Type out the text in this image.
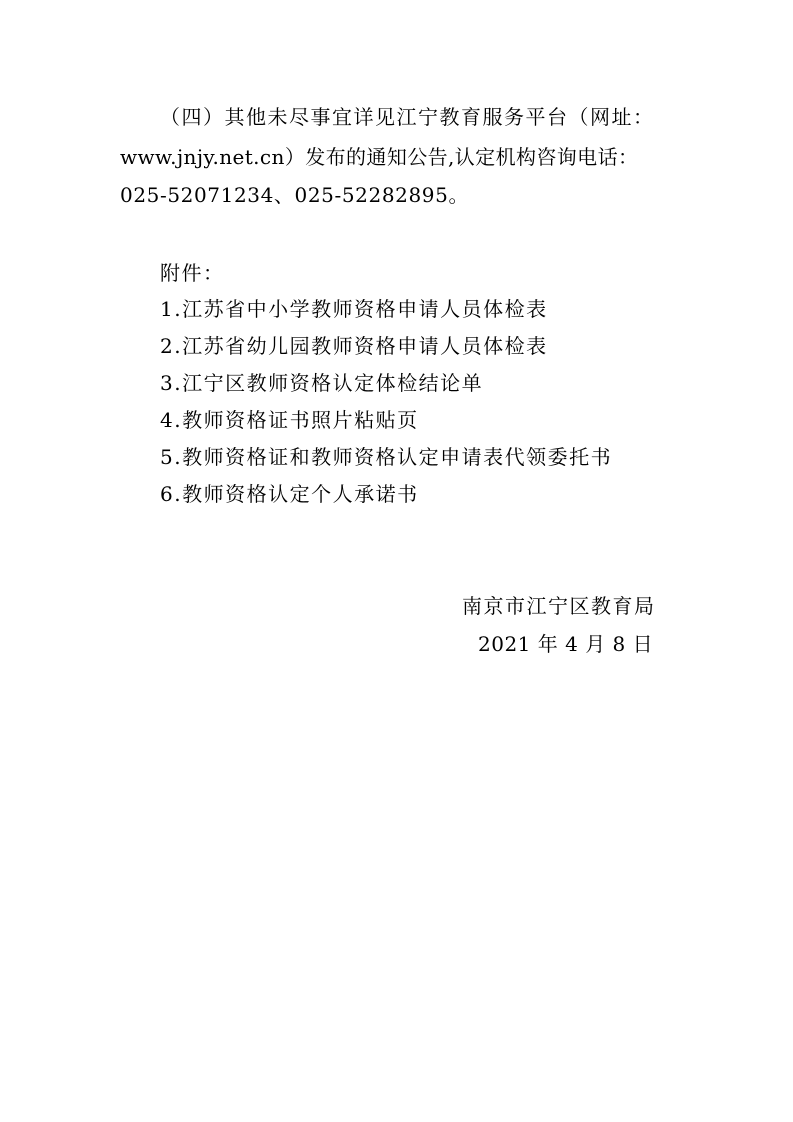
（四）其他未尽事宜详见江宁教育服务平台（网址：
www.jnjy.net.cn）发布的通知公告,认定机构咨询电话：
025-52071234、025-52282895。
附件：
1.江苏省中小学教师资格申请人员体检表
2.江苏省幼儿园教师资格申请人员体检表
3.江宁区教师资格认定体检结论单
4.教师资格证书照片粘贴页
5.教师资格证和教师资格认定申请表代领委托书
6.教师资格认定个人承诺书
南京市江宁区教育局
2021 年 4 月 8 日
